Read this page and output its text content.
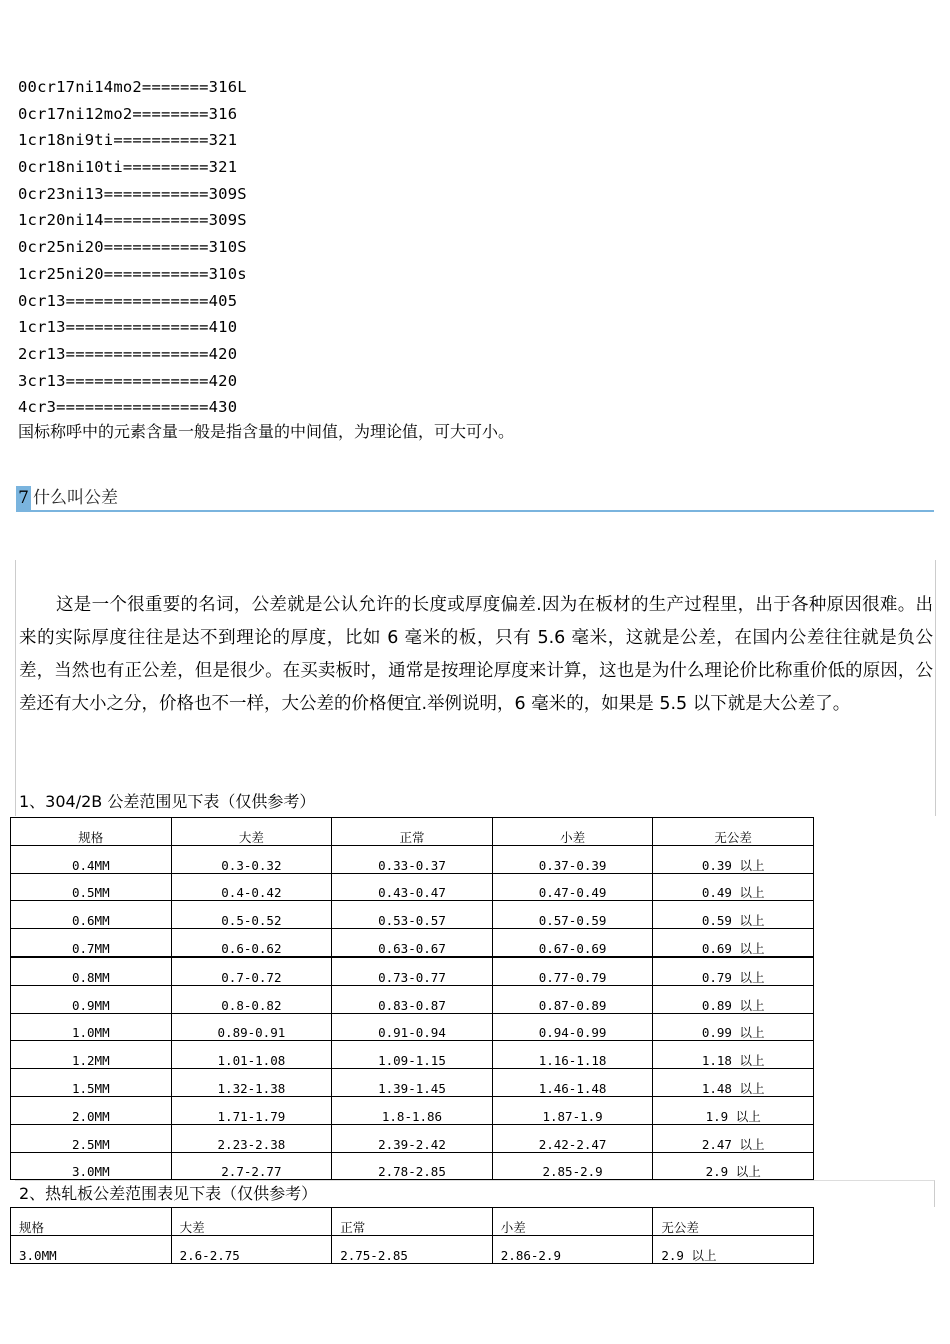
00cr17ni14mo2=======316L
0cr17ni12mo2========316
1cr18ni9ti==========321
0cr18ni10ti=========321
0cr23ni13===========309S
1cr20ni14===========309S
0cr25ni20===========310S
1cr25ni20===========310s
0cr13===============405
1cr13===============410
2cr13===============420
3cr13===============420
4cr3================430
国标称呼中的元素含量一般是指含量的中间值，为理论值，可大可小。
7 什么叫公差

这是一个很重要的名词，公差就是公认允许的长度或厚度偏差.因为在板材的生产过程里，出于各种原因很难。出来的实际厚度往往是达不到理论的厚度，比如 6 毫米的板，只有 5.6 毫米，这就是公差，在国内公差往往就是负公差，当然也有正公差，但是很少。在买卖板时，通常是按理论厚度来计算，这也是为什么理论价比称重价低的原因，公差还有大小之分，价格也不一样，大公差的价格便宜.举例说明，6 毫米的，如果是 5.5 以下就是大公差了。

1、304/2B 公差范围见下表（仅供参考）
规格	大差	正常	小差	无公差
0.4MM	0.3-0.32	0.33-0.37	0.37-0.39	0.39 以上
0.5MM	0.4-0.42	0.43-0.47	0.47-0.49	0.49 以上
0.6MM	0.5-0.52	0.53-0.57	0.57-0.59	0.59 以上
0.7MM	0.6-0.62	0.63-0.67	0.67-0.69	0.69 以上
0.8MM	0.7-0.72	0.73-0.77	0.77-0.79	0.79 以上
0.9MM	0.8-0.82	0.83-0.87	0.87-0.89	0.89 以上
1.0MM	0.89-0.91	0.91-0.94	0.94-0.99	0.99 以上
1.2MM	1.01-1.08	1.09-1.15	1.16-1.18	1.18 以上
1.5MM	1.32-1.38	1.39-1.45	1.46-1.48	1.48 以上
2.0MM	1.71-1.79	1.8-1.86	1.87-1.9	1.9 以上
2.5MM	2.23-2.38	2.39-2.42	2.42-2.47	2.47 以上
3.0MM	2.7-2.77	2.78-2.85	2.85-2.9	2.9 以上
2、热轧板公差范围表见下表（仅供参考）
规格	大差	正常	小差	无公差
3.0MM	2.6-2.75	2.75-2.85	2.86-2.9	2.9 以上
